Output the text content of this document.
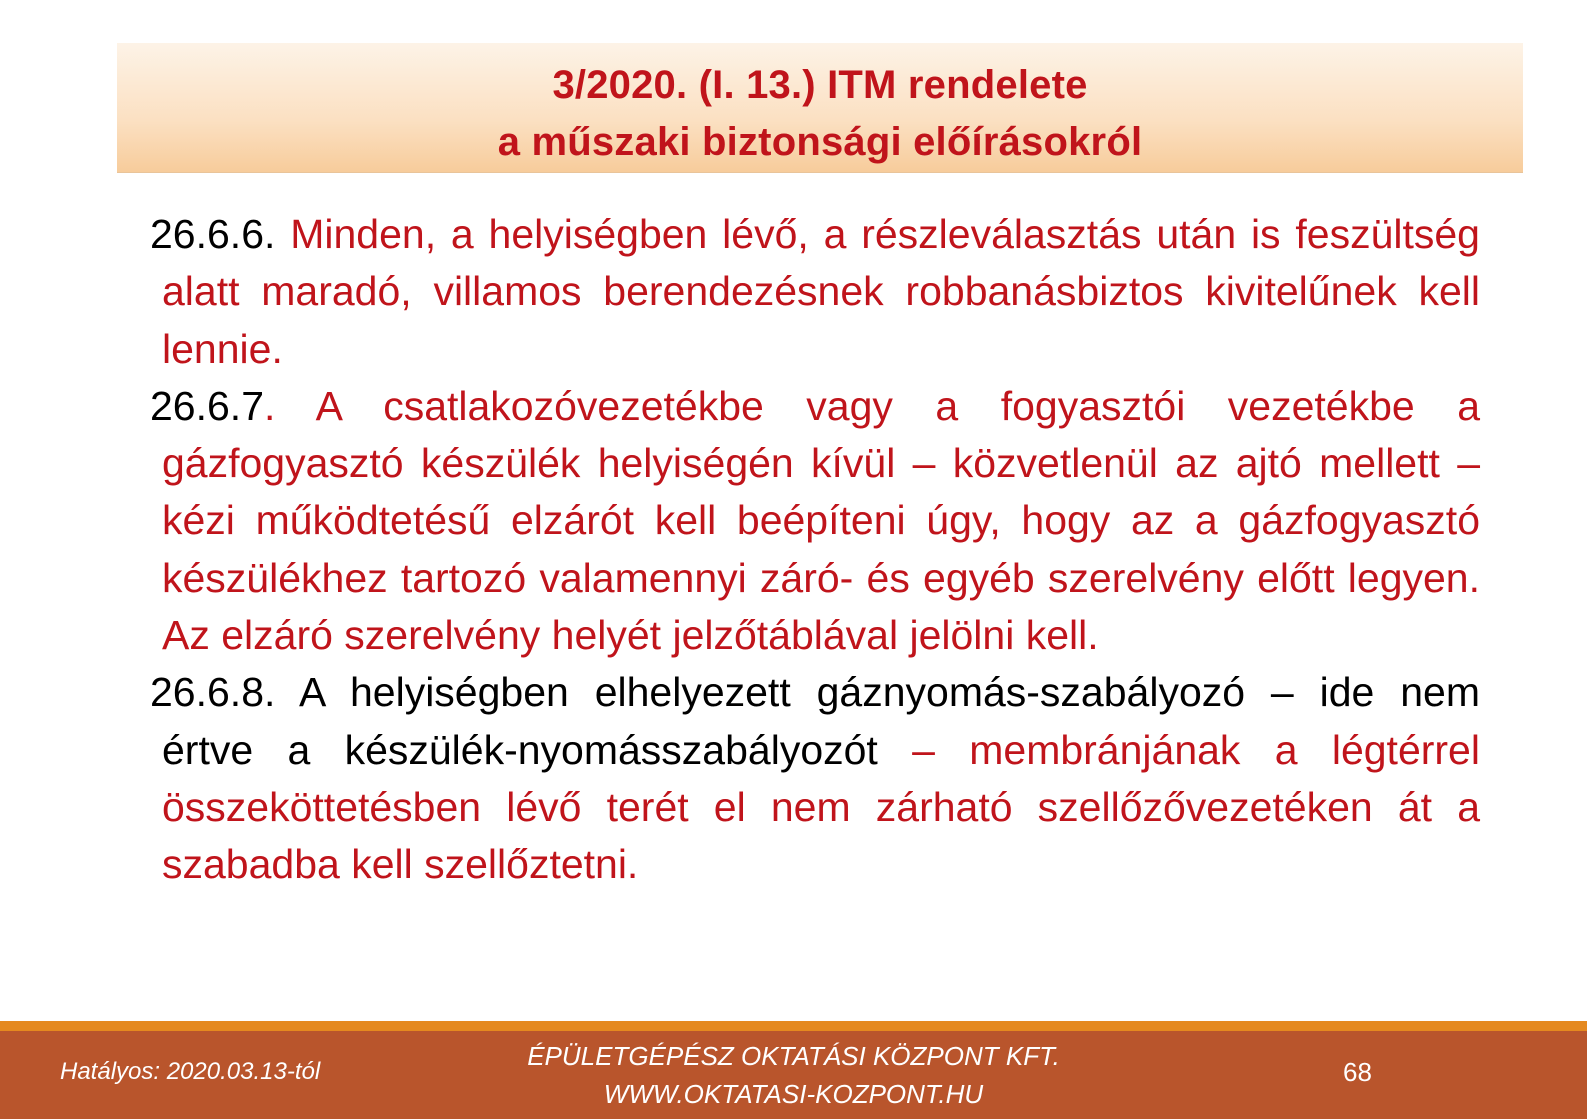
3/2020. (I. 13.) ITM rendelete
a műszaki biztonsági előírásokról

26.6.6. Minden, a helyiségben lévő, a részleválasztás után is feszültség alatt maradó, villamos berendezésnek robbanásbiztos kivitelűnek kell lennie.

26.6.7. A csatlakozóvezetékbe vagy a fogyasztói vezetékbe a gázfogyasztó készülék helyiségén kívül – közvetlenül az ajtó mellett – kézi működtetésű elzárót kell beépíteni úgy, hogy az a gázfogyasztó készülékhez tartozó valamennyi záró- és egyéb szerelvény előtt legyen. Az elzáró szerelvény helyét jelzőtáblával jelölni kell.

26.6.8. A helyiségben elhelyezett gáznyomás-szabályozó – ide nem értve a készülék-nyomásszabályozót – membránjának a légtérrel összeköttetésben lévő terét el nem zárható szellőzővezetéken át a szabadba kell szellőztetni.

Hatályos: 2020.03.13-tól
ÉPÜLETGÉPÉSZ OKTATÁSI KÖZPONT KFT.
WWW.OKTATASI-KOZPONT.HU
68
